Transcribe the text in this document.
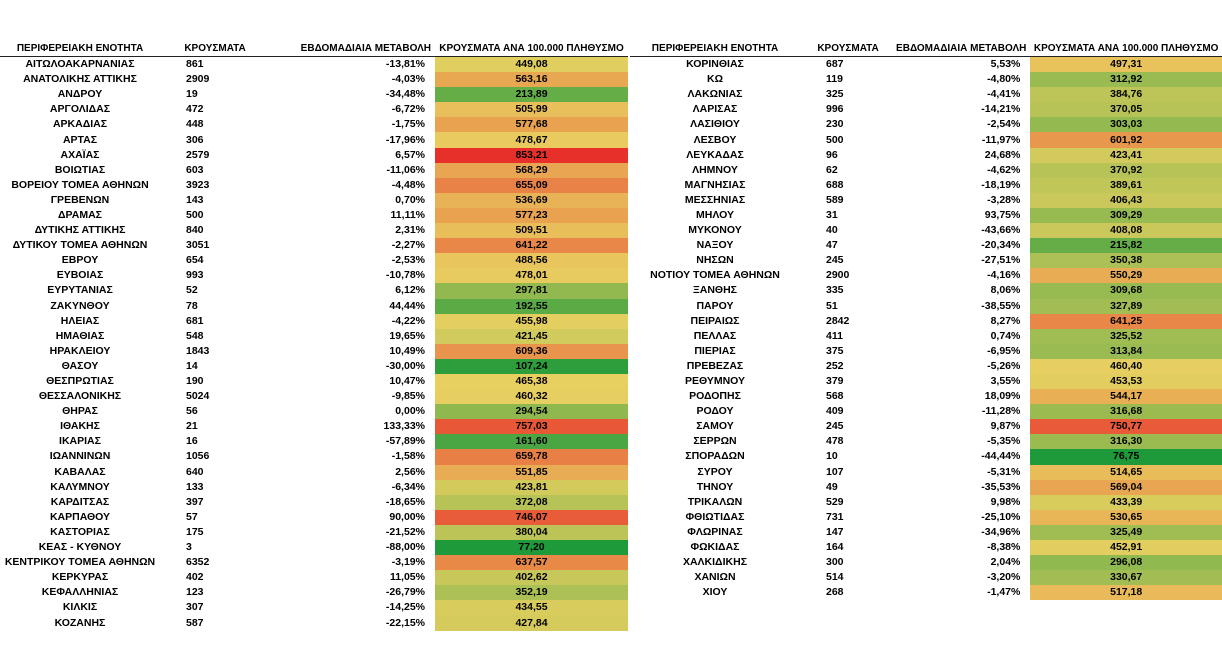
ΠΕΡΙΦΕΡΕΙΑΚΗ ΕΝΟΤΗΤΑ	ΚΡΟΥΣΜΑΤΑ	ΕΒΔΟΜΑΔΙΑΙΑ ΜΕΤΑΒΟΛΗ	ΚΡΟΥΣΜΑΤΑ ΑΝΑ 100.000 ΠΛΗΘΥΣΜΟ
ΑΙΤΩΛΟΑΚΑΡΝΑΝΙΑΣ	861	-13,81%	449,08
ΑΝΑΤΟΛΙΚΗΣ ΑΤΤΙΚΗΣ	2909	-4,03%	563,16
ΑΝΔΡΟΥ	19	-34,48%	213,89
ΑΡΓΟΛΙΔΑΣ	472	-6,72%	505,99
ΑΡΚΑΔΙΑΣ	448	-1,75%	577,68
ΑΡΤΑΣ	306	-17,96%	478,67
ΑΧΑΪΑΣ	2579	6,57%	853,21
ΒΟΙΩΤΙΑΣ	603	-11,06%	568,29
ΒΟΡΕΙΟΥ ΤΟΜΕΑ ΑΘΗΝΩΝ	3923	-4,48%	655,09
ΓΡΕΒΕΝΩΝ	143	0,70%	536,69
ΔΡΑΜΑΣ	500	11,11%	577,23
ΔΥΤΙΚΗΣ ΑΤΤΙΚΗΣ	840	2,31%	509,51
ΔΥΤΙΚΟΥ ΤΟΜΕΑ ΑΘΗΝΩΝ	3051	-2,27%	641,22
ΕΒΡΟΥ	654	-2,53%	488,56
ΕΥΒΟΙΑΣ	993	-10,78%	478,01
ΕΥΡΥΤΑΝΙΑΣ	52	6,12%	297,81
ΖΑΚΥΝΘΟΥ	78	44,44%	192,55
ΗΛΕΙΑΣ	681	-4,22%	455,98
ΗΜΑΘΙΑΣ	548	19,65%	421,45
ΗΡΑΚΛΕΙΟΥ	1843	10,49%	609,36
ΘΑΣΟΥ	14	-30,00%	107,24
ΘΕΣΠΡΩΤΙΑΣ	190	10,47%	465,38
ΘΕΣΣΑΛΟΝΙΚΗΣ	5024	-9,85%	460,32
ΘΗΡΑΣ	56	0,00%	294,54
ΙΘΑΚΗΣ	21	133,33%	757,03
ΙΚΑΡΙΑΣ	16	-57,89%	161,60
ΙΩΑΝΝΙΝΩΝ	1056	-1,58%	659,78
ΚΑΒΑΛΑΣ	640	2,56%	551,85
ΚΑΛΥΜΝΟΥ	133	-6,34%	423,81
ΚΑΡΔΙΤΣΑΣ	397	-18,65%	372,08
ΚΑΡΠΑΘΟΥ	57	90,00%	746,07
ΚΑΣΤΟΡΙΑΣ	175	-21,52%	380,04
ΚΕΑΣ - ΚΥΘΝΟΥ	3	-88,00%	77,20
ΚΕΝΤΡΙΚΟΥ ΤΟΜΕΑ ΑΘΗΝΩΝ	6352	-3,19%	637,57
ΚΕΡΚΥΡΑΣ	402	11,05%	402,62
ΚΕΦΑΛΛΗΝΙΑΣ	123	-26,79%	352,19
ΚΙΛΚΙΣ	307	-14,25%	434,55
ΚΟΖΑΝΗΣ	587	-22,15%	427,84
ΠΕΡΙΦΕΡΕΙΑΚΗ ΕΝΟΤΗΤΑ	ΚΡΟΥΣΜΑΤΑ	ΕΒΔΟΜΑΔΙΑΙΑ ΜΕΤΑΒΟΛΗ	ΚΡΟΥΣΜΑΤΑ ΑΝΑ 100.000 ΠΛΗΘΥΣΜΟ
ΚΟΡΙΝΘΙΑΣ	687	5,53%	497,31
ΚΩ	119	-4,80%	312,92
ΛΑΚΩΝΙΑΣ	325	-4,41%	384,76
ΛΑΡΙΣΑΣ	996	-14,21%	370,05
ΛΑΣΙΘΙΟΥ	230	-2,54%	303,03
ΛΕΣΒΟΥ	500	-11,97%	601,92
ΛΕΥΚΑΔΑΣ	96	24,68%	423,41
ΛΗΜΝΟΥ	62	-4,62%	370,92
ΜΑΓΝΗΣΙΑΣ	688	-18,19%	389,61
ΜΕΣΣΗΝΙΑΣ	589	-3,28%	406,43
ΜΗΛΟΥ	31	93,75%	309,29
ΜΥΚΟΝΟΥ	40	-43,66%	408,08
ΝΑΞΟΥ	47	-20,34%	215,82
ΝΗΣΩΝ	245	-27,51%	350,38
ΝΟΤΙΟΥ ΤΟΜΕΑ ΑΘΗΝΩΝ	2900	-4,16%	550,29
ΞΑΝΘΗΣ	335	8,06%	309,68
ΠΑΡΟΥ	51	-38,55%	327,89
ΠΕΙΡΑΙΩΣ	2842	8,27%	641,25
ΠΕΛΛΑΣ	411	0,74%	325,52
ΠΙΕΡΙΑΣ	375	-6,95%	313,84
ΠΡΕΒΕΖΑΣ	252	-5,26%	460,40
ΡΕΘΥΜΝΟΥ	379	3,55%	453,53
ΡΟΔΟΠΗΣ	568	18,09%	544,17
ΡΟΔΟΥ	409	-11,28%	316,68
ΣΑΜΟΥ	245	9,87%	750,77
ΣΕΡΡΩΝ	478	-5,35%	316,30
ΣΠΟΡΑΔΩΝ	10	-44,44%	76,75
ΣΥΡΟΥ	107	-5,31%	514,65
ΤΗΝΟΥ	49	-35,53%	569,04
ΤΡΙΚΑΛΩΝ	529	9,98%	433,39
ΦΘΙΩΤΙΔΑΣ	731	-25,10%	530,65
ΦΛΩΡΙΝΑΣ	147	-34,96%	325,49
ΦΩΚΙΔΑΣ	164	-8,38%	452,91
ΧΑΛΚΙΔΙΚΗΣ	300	2,04%	296,08
ΧΑΝΙΩΝ	514	-3,20%	330,67
ΧΙΟΥ	268	-1,47%	517,18
